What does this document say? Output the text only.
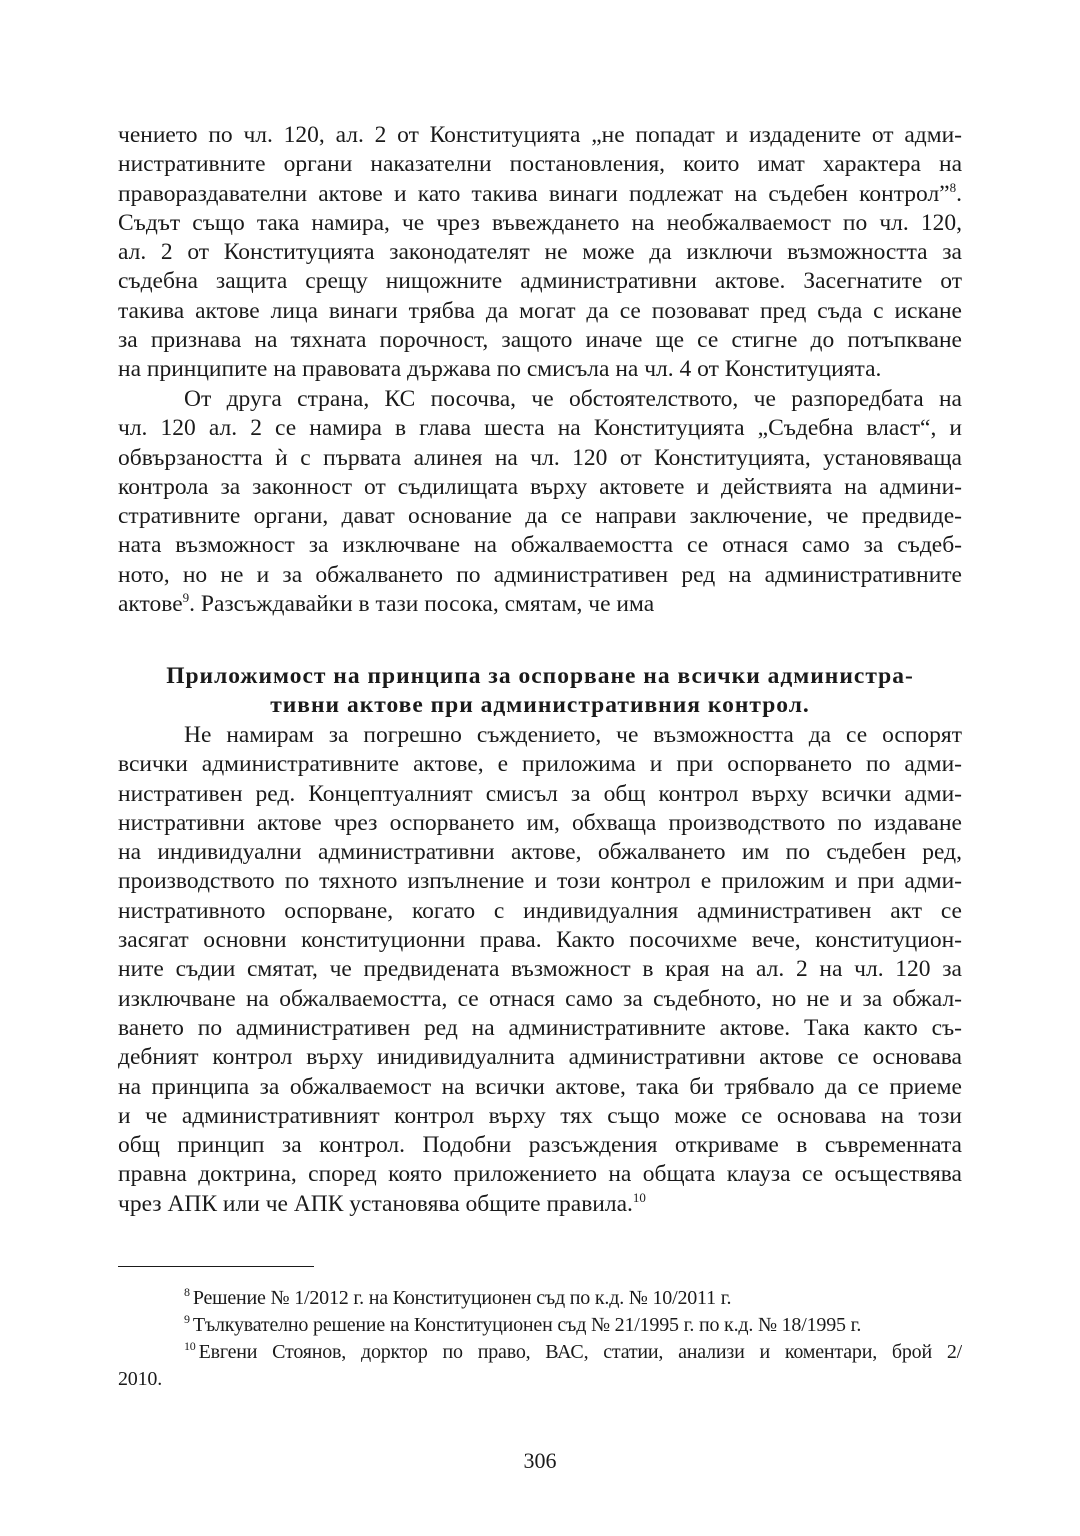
чението по чл. 120, ал. 2 от Конституцията „не попадат и издадените от адми-
нистративните органи наказателни постановления, които имат характера на
правораздавателни актове и като такива винаги подлежат на съдебен контрол”$^8$.
Съдът също така намира, че чрез въвеждането на необжалваемост по чл. 120,
ал. 2 от Конституцията законодателят не може да изключи възможността за
съдебна защита срещу нищожните административни актове. Засегнатите от
такива актове лица винаги трябва да могат да се позовават пред съда с искане
за признава на тяхната порочност, защото иначе ще се стигне до потъпкване
на принципите на правовата държава по смисъла на чл. 4 от Конституцията.
От друга страна, КС посочва, че обстоятелството, че разпоредбата на
чл. 120 ал. 2 се намира в глава шеста на Конституцията „Съдебна власт“, и
обвързаността ѝ с първата алинея на чл. 120 от Конституцията, установяваща
контрола за законност от съдилищата върху актовете и действията на админи-
стративните органи, дават основание да се направи заключение, че предвиде-
ната възможност за изключване на обжалваемостта се отнася само за съдеб-
ното, но не и за обжалването по административен ред на административните
актове$^9$. Разсъждавайки в тази посока, смятам, че има
Приложимост на принципа за оспорване на всички администра-
тивни актове при административния контрол.
Не намирам за погрешно съждението, че възможността да се оспорят
всички административните актове, е приложима и при оспорването по адми-
нистративен ред. Концептуалният смисъл за общ контрол върху всички адми-
нистративни актове чрез оспорването им, обхваща производството по издаване
на индивидуални административни актове, обжалването им по съдебен ред,
производството по тяхното изпълнение и този контрол е приложим и при адми-
нистративното оспорване, когато с индивидуалния административен акт се
засягат основни конституционни права. Както посочихме вече, конституцион-
ните съдии смятат, че предвидената възможност в края на ал. 2 на чл. 120 за
изключване на обжалваемостта, се отнася само за съдебното, но не и за обжал-
ването по административен ред на административните актове. Така както съ-
дебният контрол върху инидивидуалнита административни актове се основава
на принципа за обжалваемост на всички актове, така би трябвало да се приеме
и че административният контрол върху тях също може се основава на този
общ принцип за контрол. Подобни разсъждения откриваме в съвременната
правна доктрина, според която приложението на общата клауза се осъществява
чрез АПК или че АПК установява общите правила.$^{10}$
$^8$ Решение № 1/2012 г. на Конституционен съд по к.д. № 10/2011 г.
$^9$ Тълкувателно решение на Конституционен съд № 21/1995 г. по к.д. № 18/1995 г.
$^{10}$ Евгени Стоянов, дорктор по право, ВАС, статии, анализи и коментари, брой 2/
2010.
306
